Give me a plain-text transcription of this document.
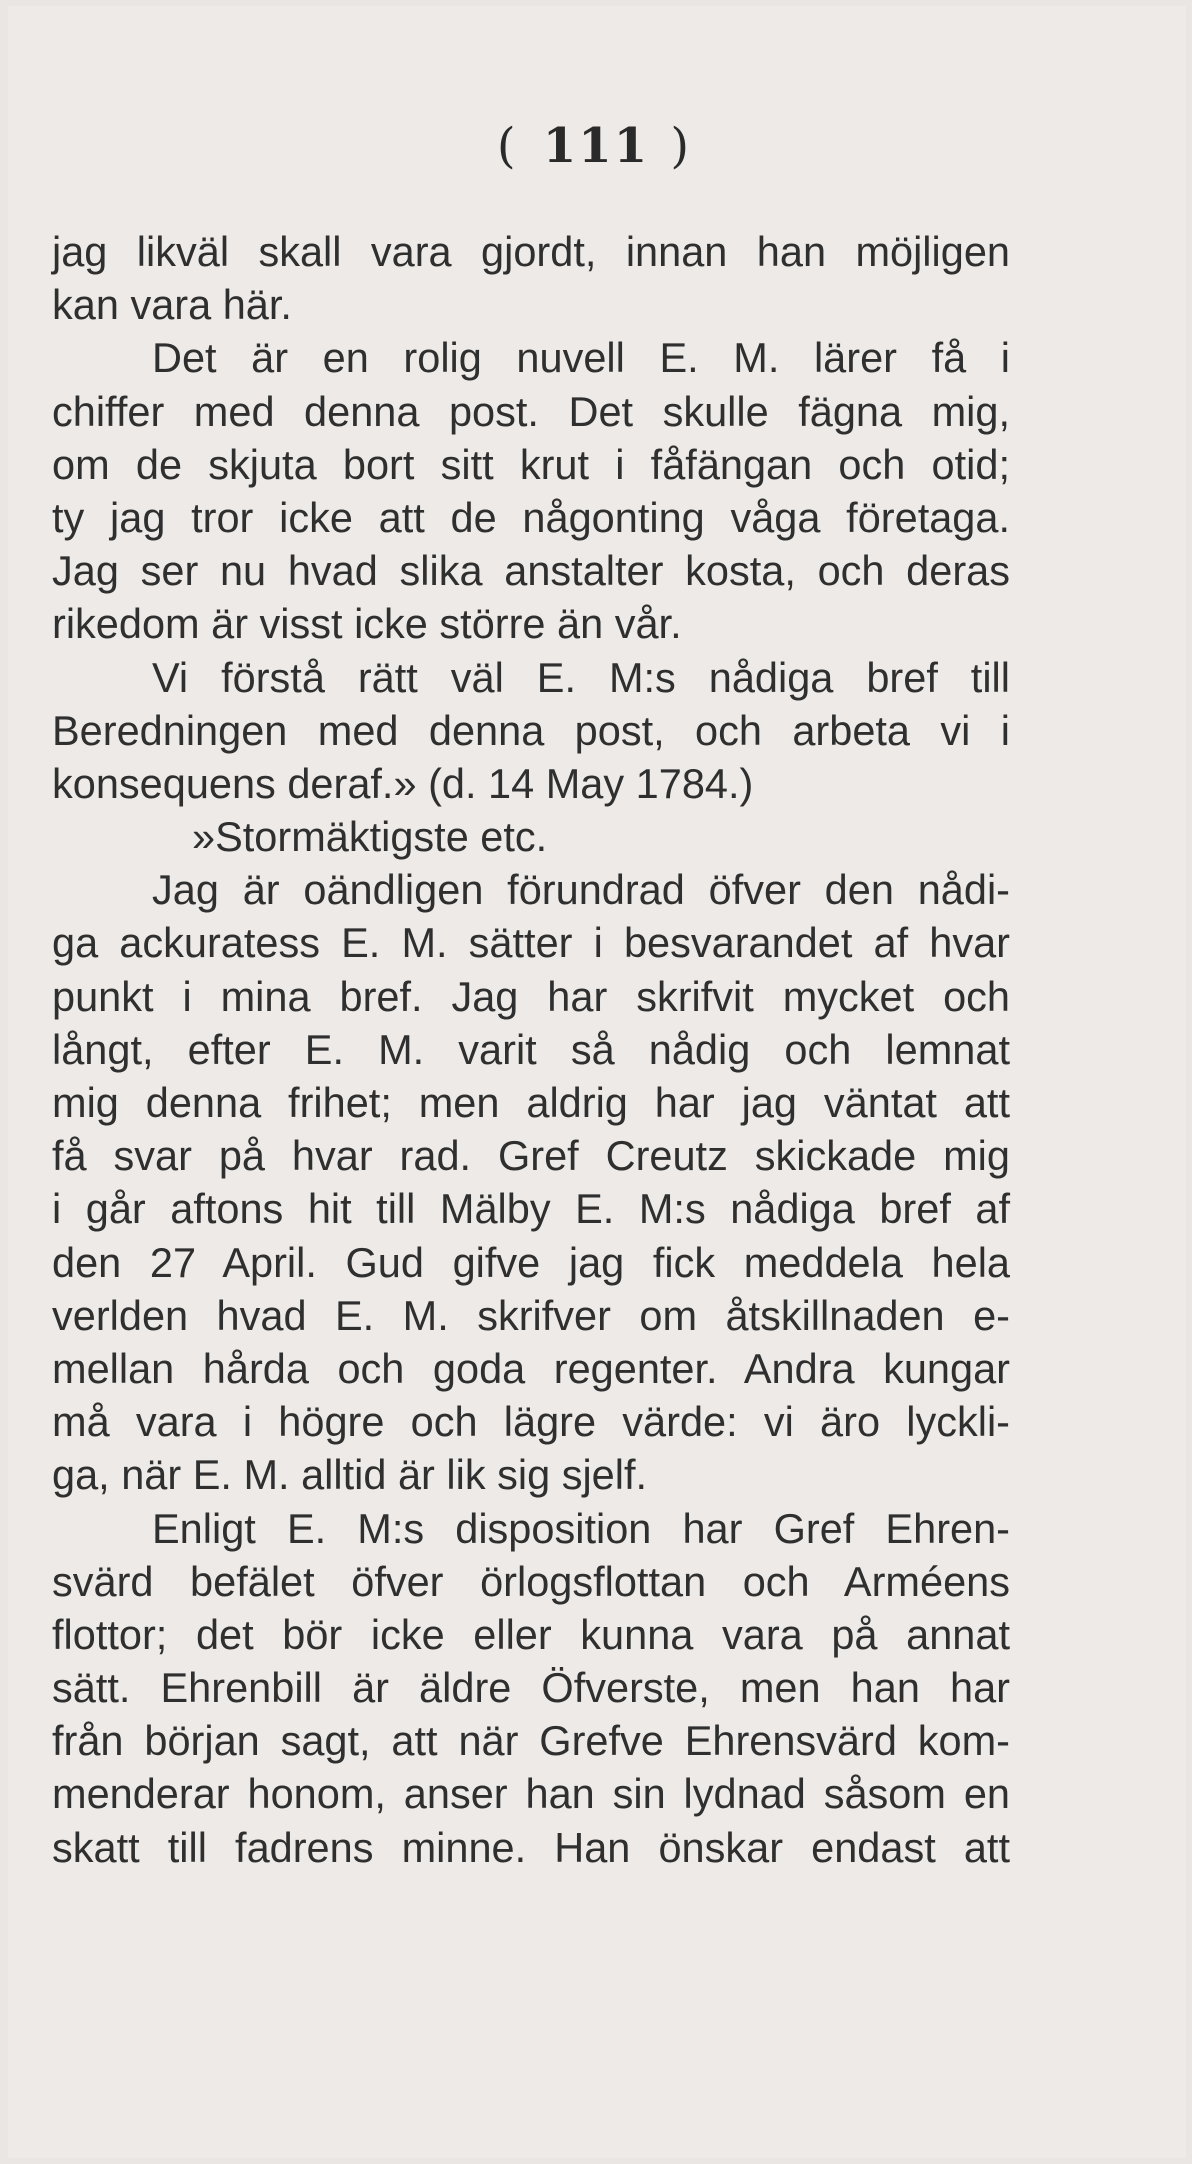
( 111 )
jag likväl skall vara gjordt, innan han möjligen
kan vara här.
Det är en rolig nuvell E. M. lärer få i
chiffer med denna post. Det skulle fägna mig,
om de skjuta bort sitt krut i fåfängan och otid;
ty jag tror icke att de någonting våga företaga.
Jag ser nu hvad slika anstalter kosta, och deras
rikedom är visst icke större än vår.
Vi förstå rätt väl E. M:s nådiga bref till
Beredningen med denna post, och arbeta vi i
konsequens deraf.» (d. 14 May 1784.)
»Stormäktigste etc.
Jag är oändligen förundrad öfver den nådi-
ga ackuratess E. M. sätter i besvarandet af hvar
punkt i mina bref. Jag har skrifvit mycket och
långt, efter E. M. varit så nådig och lemnat
mig denna frihet; men aldrig har jag väntat att
få svar på hvar rad. Gref Creutz skickade mig
i går aftons hit till Mälby E. M:s nådiga bref af
den 27 April. Gud gifve jag fick meddela hela
verlden hvad E. M. skrifver om åtskillnaden e-
mellan hårda och goda regenter. Andra kungar
må vara i högre och lägre värde: vi äro lyckli-
ga, när E. M. alltid är lik sig sjelf.
Enligt E. M:s disposition har Gref Ehren-
svärd befälet öfver örlogsflottan och Arméens
flottor; det bör icke eller kunna vara på annat
sätt. Ehrenbill är äldre Öfverste, men han har
från början sagt, att när Grefve Ehrensvärd kom-
menderar honom, anser han sin lydnad såsom en
skatt till fadrens minne. Han önskar endast att
